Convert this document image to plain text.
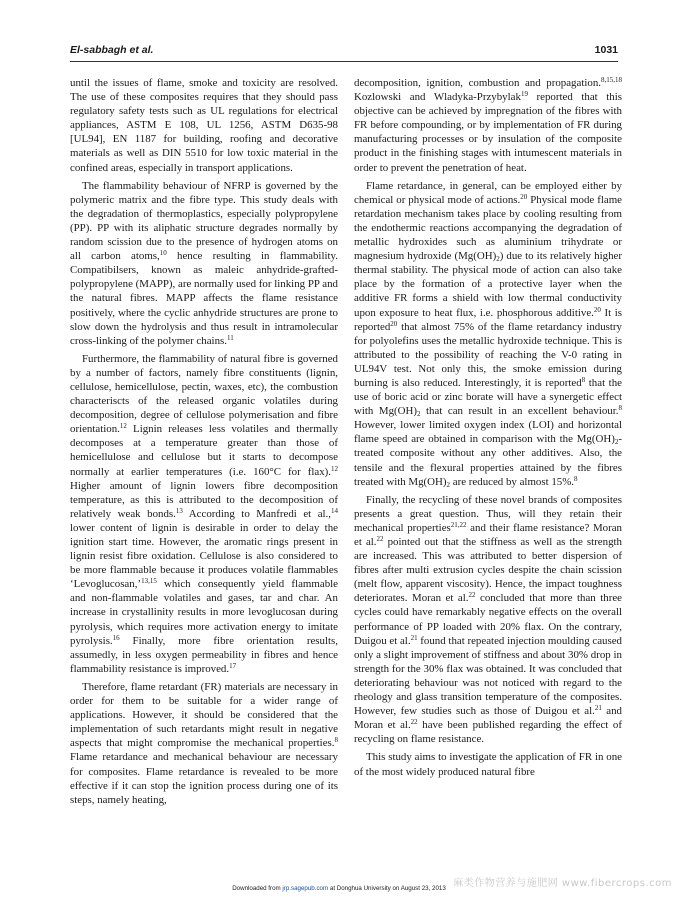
El-sabbagh et al.	1031

until the issues of flame, smoke and toxicity are resolved. The use of these composites requires that they should pass regulatory safety tests such as UL regulations for electrical appliances, ASTM E 108, UL 1256, ASTM D635-98 [UL94], EN 1187 for building, roofing and decorative materials as well as DIN 5510 for low toxic material in the confined areas, especially in transport applications.

The flammability behaviour of NFRP is governed by the polymeric matrix and the fibre type. This study deals with the degradation of thermoplastics, especially polypropylene (PP). PP with its aliphatic structure degrades normally by random scission due to the presence of hydrogen atoms on all carbon atoms,$^{10}$ hence resulting in flammability. Compatibilsers, known as maleic anhydride-grafted-polypropylene (MAPP), are normally used for linking PP and the natural fibres. MAPP affects the flame resistance positively, where the cyclic anhydride structures are prone to slow down the hydrolysis and thus result in intramolecular cross-linking of the polymer chains.$^{11}$

Furthermore, the flammability of natural fibre is governed by a number of factors, namely fibre constituents (lignin, cellulose, hemicellulose, pectin, waxes, etc), the combustion characteriscts of the released organic volatiles during decomposition, degree of cellulose polymerisation and fibre orientation.$^{12}$ Lignin releases less volatiles and thermally decomposes at a temperature greater than those of hemicellulose and cellulose but it starts to decompose normally at earlier temperatures (i.e. 160°C for flax).$^{12}$ Higher amount of lignin lowers fibre decomposition temperature, as this is attributed to the decomposition of relatively weak bonds.$^{13}$ According to Manfredi et al.,$^{14}$ lower content of lignin is desirable in order to delay the ignition start time. However, the aromatic rings present in lignin resist fibre oxidation. Cellulose is also considered to be more flammable because it produces volatile flammables ‘Levoglucosan,’$^{13,15}$ which consequently yield flammable and non-flammable volatiles and gases, tar and char. An increase in crystallinity results in more levoglucosan during pyrolysis, which requires more activation energy to imitate pyrolysis.$^{16}$ Finally, more fibre orientation results, assumedly, in less oxygen permeability in fibres and hence flammability resistance is improved.$^{17}$

Therefore, flame retardant (FR) materials are necessary in order for them to be suitable for a wider range of applications. However, it should be considered that the implementation of such retardants might result in negative aspects that might compromise the mechanical properties.$^8$ Flame retardance and mechanical behaviour are necessary for composites. Flame retardance is revealed to be more effective if it can stop the ignition process during one of its steps, namely heating,

decomposition, ignition, combustion and propagation.$^{8,15,18}$ Kozlowski and Wladyka-Przybylak$^{19}$ reported that this objective can be achieved by impregnation of the fibres with FR before compounding, or by implementation of FR during manufacturing processes or by insulation of the composite product in the finishing stages with intumescent materials in order to prevent the penetration of heat.

Flame retardance, in general, can be employed either by chemical or physical mode of actions.$^{20}$ Physical mode flame retardation mechanism takes place by cooling resulting from the endothermic reactions accompanying the degradation of metallic hydroxides such as aluminium trihydrate or magnesium hydroxide $(Mg(OH)_2)$ due to its relatively higher thermal stability. The physical mode of action can also take place by the formation of a protective layer when the additive FR forms a shield with low thermal conductivity upon exposure to heat flux, i.e. phosphorous additive.$^{20}$ It is reported$^{20}$ that almost 75% of the flame retardancy industry for polyolefins uses the metallic hydroxide technique. This is attributed to the possibility of reaching the V-0 rating in UL94V test. Not only this, the smoke emission during burning is also reduced. Interestingly, it is reported$^8$ that the use of boric acid or zinc borate will have a synergetic effect with $Mg(OH)_2$ that can result in an excellent behaviour.$^8$ However, lower limited oxygen index (LOI) and horizontal flame speed are obtained in comparison with the $Mg(OH)_2$-treated composite without any other additives. Also, the tensile and the flexural properties attained by the fibres treated with $Mg(OH)_2$ are reduced by almost 15%.$^8$

Finally, the recycling of these novel brands of composites presents a great question. Thus, will they retain their mechanical properties$^{21,22}$ and their flame resistance? Moran et al.$^{22}$ pointed out that the stiffness as well as the strength are increased. This was attributed to better dispersion of fibres after multi extrusion cycles despite the chain scission (melt flow, apparent viscosity). Hence, the impact toughness deteriorates. Moran et al.$^{22}$ concluded that more than three cycles could have remarkably negative effects on the overall performance of PP loaded with 20% flax. On the contrary, Duigou et al.$^{21}$ found that repeated injection moulding caused only a slight improvement of stiffness and about 30% drop in strength for the 30% flax was obtained. It was concluded that deteriorating behaviour was not noticed with regard to the rheology and glass transition temperature of the composites. However, few studies such as those of Duigou et al.$^{21}$ and Moran et al.$^{22}$ have been published regarding the effect of recycling on flame resistance.

This study aims to investigate the application of FR in one of the most widely produced natural fibre

Downloaded from jrp.sagepub.com at Donghua University on August 23, 2013 麻类作物营养与施肥网 www.fibercrops.com
